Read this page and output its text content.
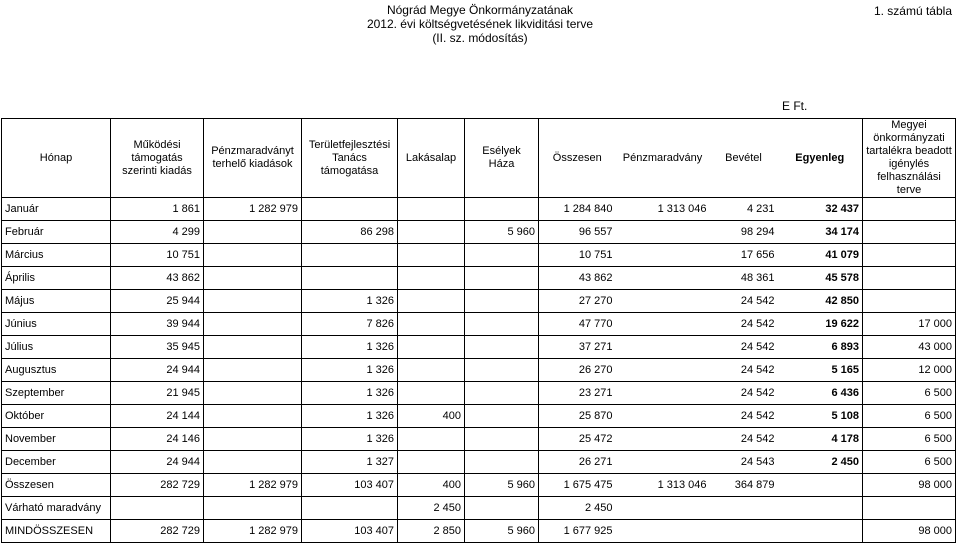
Nógrád Megye Önkormányzatának
2012. évi költségvetésének likviditási terve
(II. sz. módosítás)
1. számú tábla
E Ft.
Hónap	Működési támogatás szerinti kiadás	Pénzmaradványt terhelő kiadások	Területfejlesztési Tanács támogatása	Lakásalap	Esélyek Háza	Összesen	Pénzmaradvány	Bevétel	Egyenleg	Megyei önkormányzati tartalékra beadott igénylés felhasználási terve
Január	1 861	1 282 979				1 284 840	1 313 046	4 231	32 437	
Február	4 299		86 298		5 960	96 557		98 294	34 174	
Március	10 751					10 751		17 656	41 079	
Április	43 862					43 862		48 361	45 578	
Május	25 944		1 326			27 270		24 542	42 850	
Június	39 944		7 826			47 770		24 542	19 622	17 000
Július	35 945		1 326			37 271		24 542	6 893	43 000
Augusztus	24 944		1 326			26 270		24 542	5 165	12 000
Szeptember	21 945		1 326			23 271		24 542	6 436	6 500
Október	24 144		1 326	400		25 870		24 542	5 108	6 500
November	24 146		1 326			25 472		24 542	4 178	6 500
December	24 944		1 327			26 271		24 543	2 450	6 500
Összesen	282 729	1 282 979	103 407	400	5 960	1 675 475	1 313 046	364 879		98 000
Várható maradvány				2 450		2 450				
MINDÖSSZESEN	282 729	1 282 979	103 407	2 850	5 960	1 677 925				98 000
